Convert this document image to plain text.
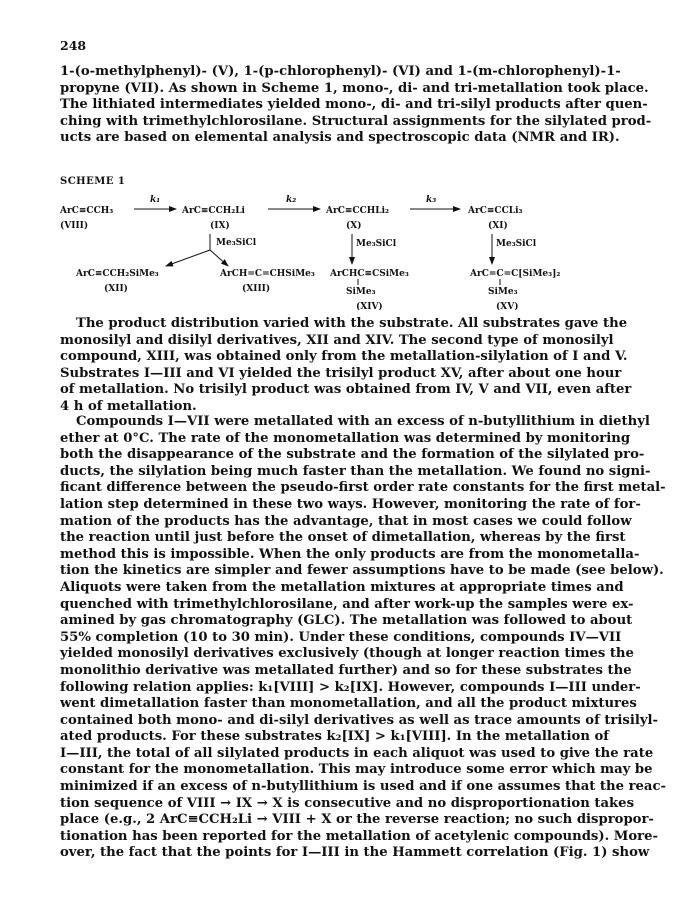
248
1-(o-methylphenyl)- (V), 1-(p-chlorophenyl)- (VI) and 1-(m-chlorophenyl)-1-
propyne (VII). As shown in Scheme 1, mono-, di- and tri-metallation took place.
The lithiated intermediates yielded mono-, di- and tri-silyl products after quen-
ching with trimethylchlorosilane. Structural assignments for the silylated prod-
ucts are based on elemental analysis and spectroscopic data (NMR and IR).
SCHEME 1
ArC≡CCH₃
(VIII)
k₁
ArC≡CCH₂Li
(IX)
k₂
ArC≡CCHLi₂
(X)
k₃
ArC≡CCLi₃
(XI)
Me₃SiCl	Me₃SiCl	Me₃SiCl
ArC≡CCH₂SiMe₃
(XII)
ArCH=C=CHSiMe₃
(XIII)
ArCHC≡CSiMe₃
SiMe₃
(XIV)
ArC=C=C[SiMe₃]₂
SiMe₃
(XV)
The product distribution varied with the substrate. All substrates gave the
monosilyl and disilyl derivatives, XII and XIV. The second type of monosilyl
compound, XIII, was obtained only from the metallation-silylation of I and V.
Substrates I—III and VI yielded the trisilyl product XV, after about one hour
of metallation. No trisilyl product was obtained from IV, V and VII, even after
4 h of metallation.
Compounds I—VII were metallated with an excess of n-butyllithium in diethyl
ether at 0°C. The rate of the monometallation was determined by monitoring
both the disappearance of the substrate and the formation of the silylated pro-
ducts, the silylation being much faster than the metallation. We found no signi-
ficant difference between the pseudo-first order rate constants for the first metal-
lation step determined in these two ways. However, monitoring the rate of for-
mation of the products has the advantage, that in most cases we could follow
the reaction until just before the onset of dimetallation, whereas by the first
method this is impossible. When the only products are from the monometalla-
tion the kinetics are simpler and fewer assumptions have to be made (see below).
Aliquots were taken from the metallation mixtures at appropriate times and
quenched with trimethylchlorosilane, and after work-up the samples were ex-
amined by gas chromatography (GLC). The metallation was followed to about
55% completion (10 to 30 min). Under these conditions, compounds IV—VII
yielded monosilyl derivatives exclusively (though at longer reaction times the
monolithio derivative was metallated further) and so for these substrates the
following relation applies: k₁[VIII] > k₂[IX]. However, compounds I—III under-
went dimetallation faster than monometallation, and all the product mixtures
contained both mono- and di-silyl derivatives as well as trace amounts of trisilyl-
ated products. For these substrates k₂[IX] > k₁[VIII]. In the metallation of
I—III, the total of all silylated products in each aliquot was used to give the rate
constant for the monometallation. This may introduce some error which may be
minimized if an excess of n-butyllithium is used and if one assumes that the reac-
tion sequence of VIII → IX → X is consecutive and no disproportionation takes
place (e.g., 2 ArC≡CCH₂Li → VIII + X or the reverse reaction; no such dispropor-
tionation has been reported for the metallation of acetylenic compounds). More-
over, the fact that the points for I—III in the Hammett correlation (Fig. 1) show
